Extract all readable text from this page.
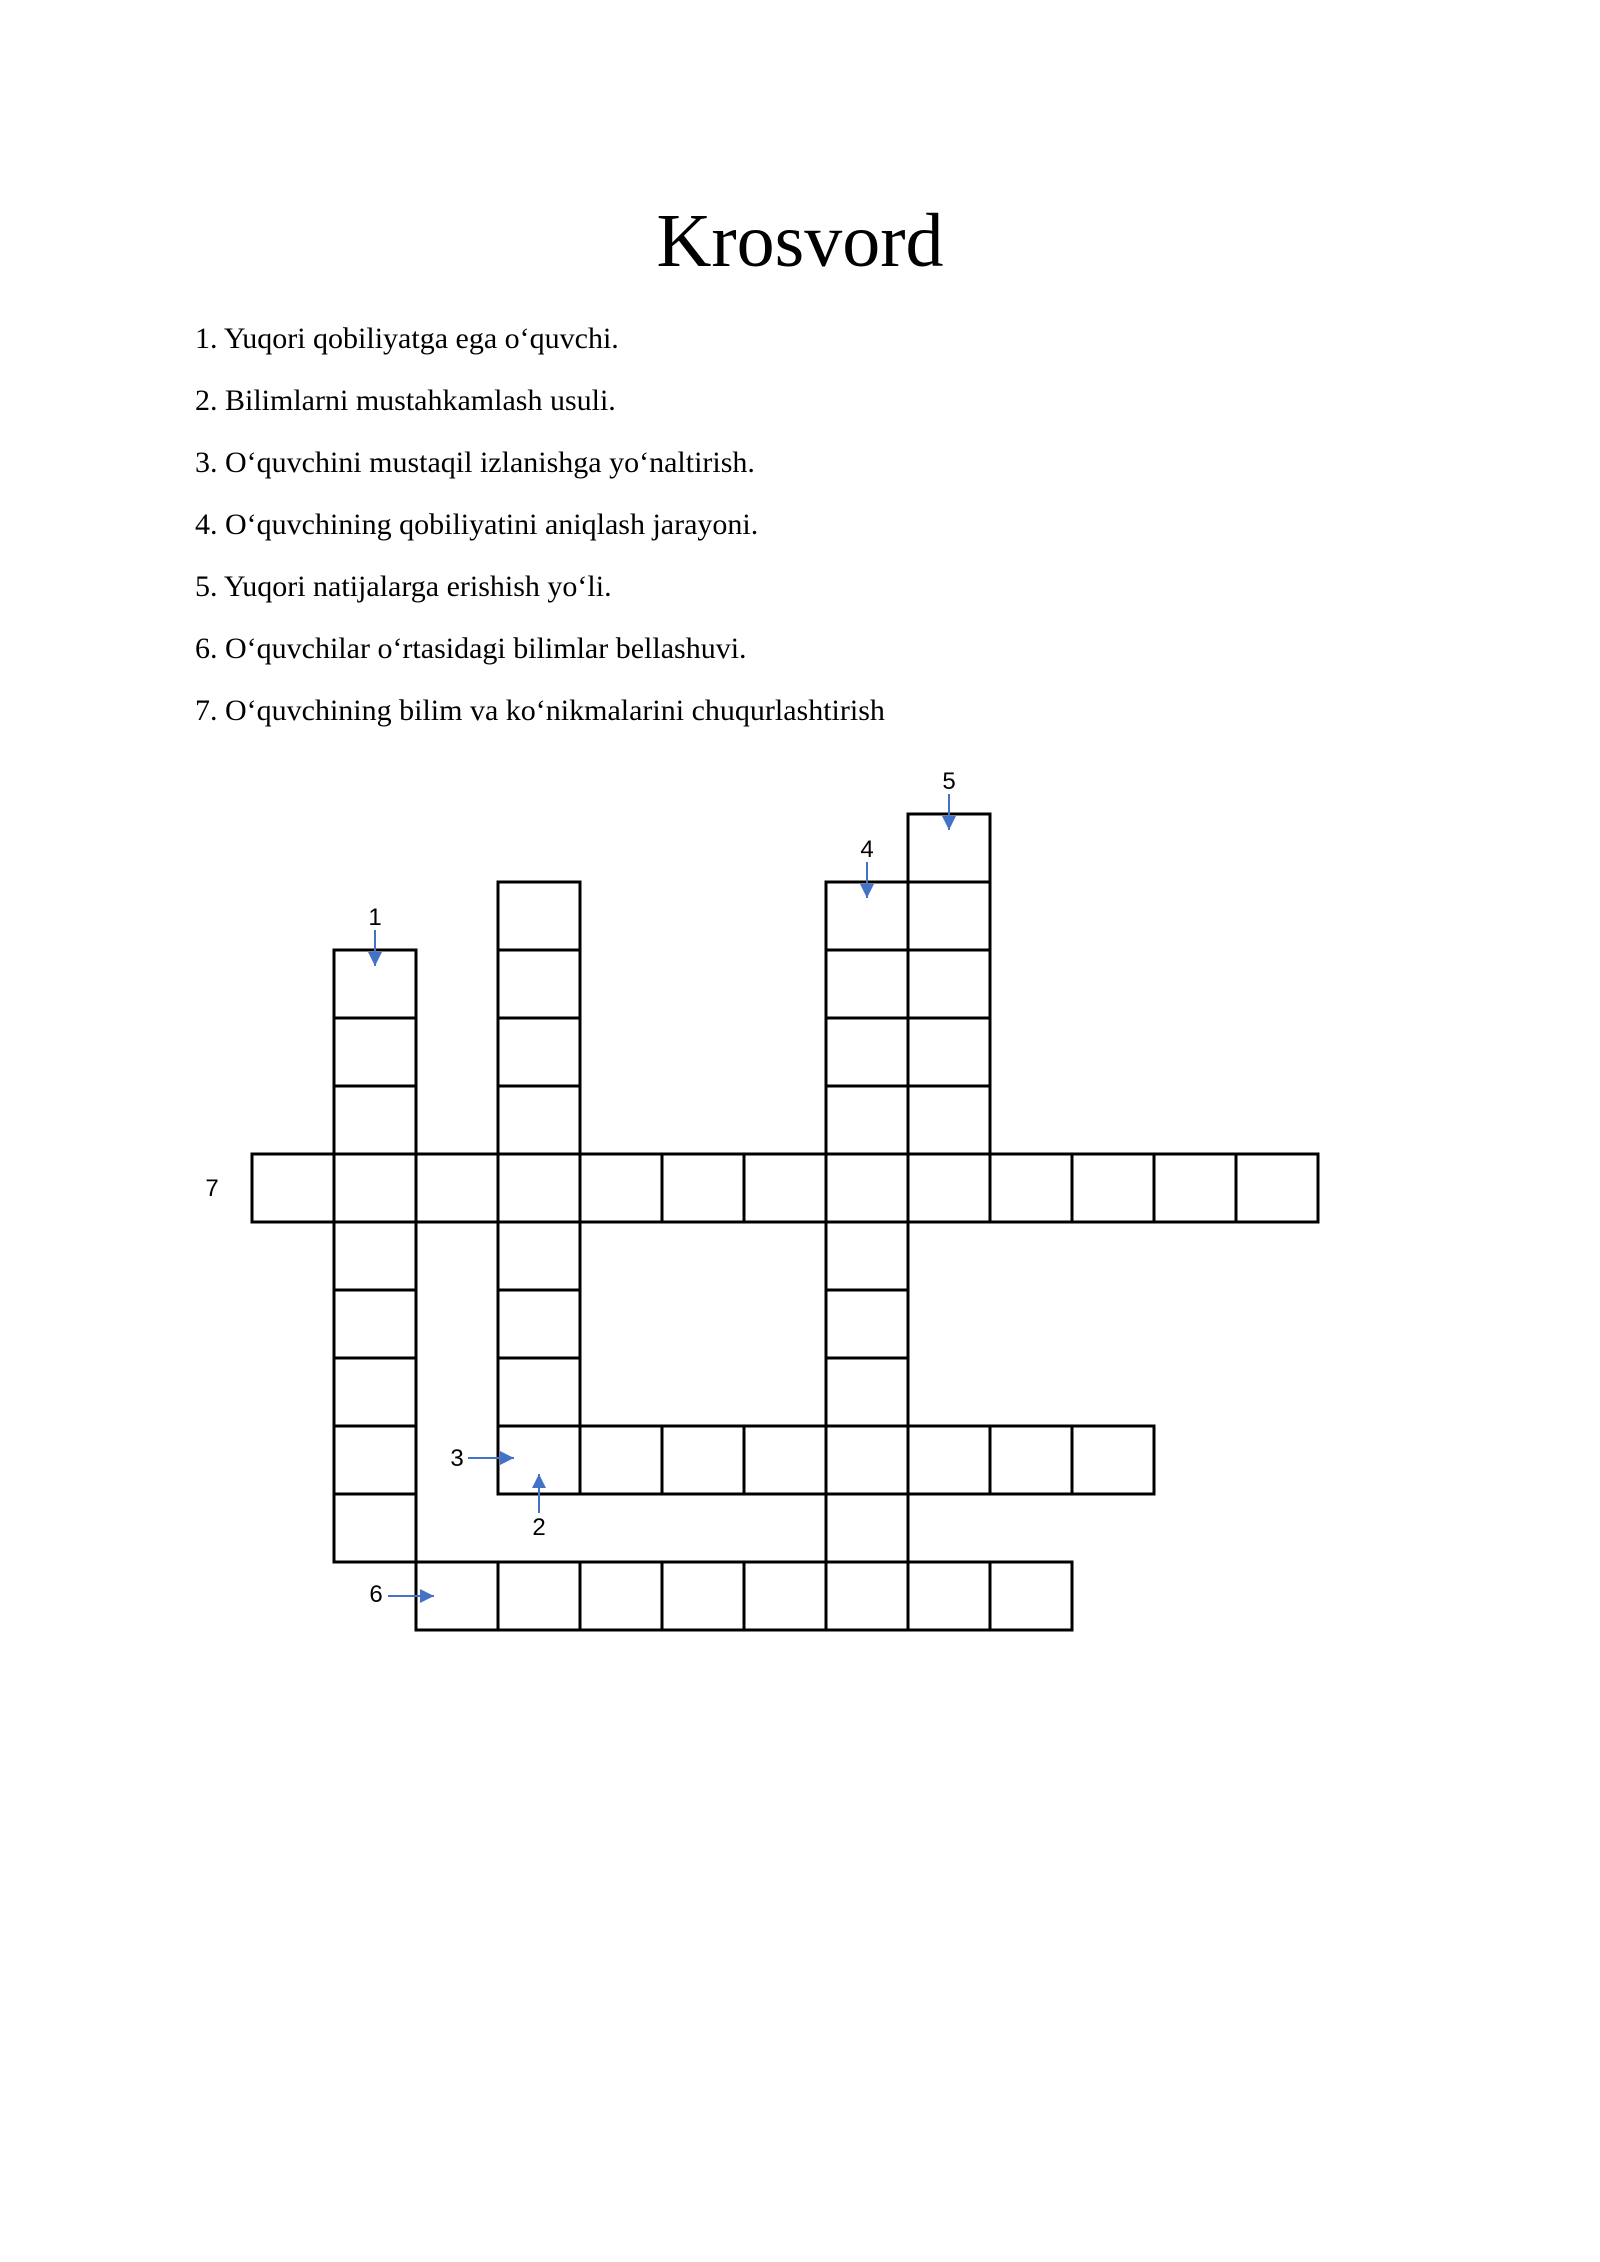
Krosvord
1. Yuqori qobiliyatga ega o‘quvchi.
2. Bilimlarni mustahkamlash usuli.
3. O‘quvchini mustaqil izlanishga yo‘naltirish.
4. O‘quvchining qobiliyatini aniqlash jarayoni.
5. Yuqori natijalarga erishish yo‘li.
6. O‘quvchilar o‘rtasidagi bilimlar bellashuvi.
7. O‘quvchining bilim va ko‘nikmalarini chuqurlashtirish
1
2
3
4
5
6
7
